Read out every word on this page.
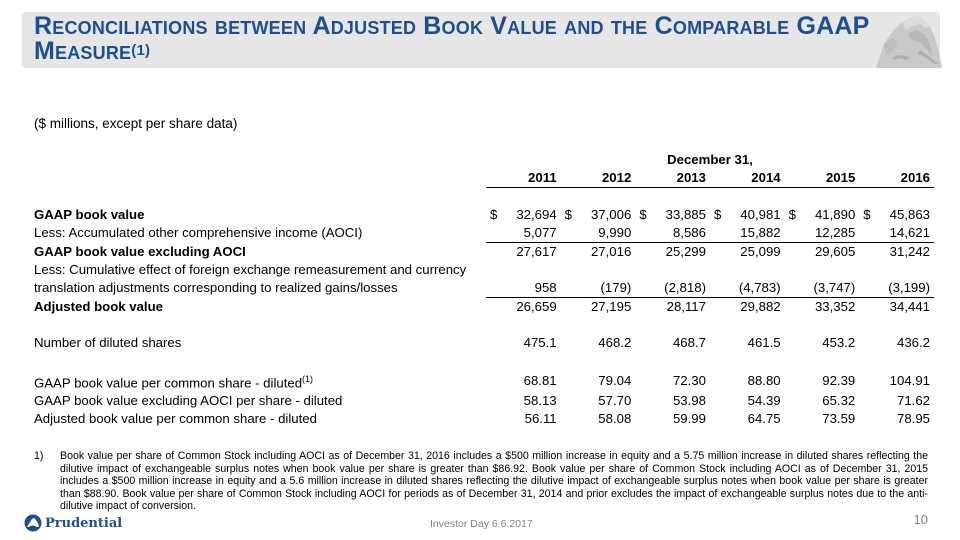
Reconciliations between Adjusted Book Value and the Comparable GAAP Measure$^{(1)}$
($ millions, except per share data)
	December 31,					
	2011	2012	2013	2014	2015	2016

GAAP book value	$ 32,694	$ 37,006	$ 33,885	$ 40,981	$ 41,890	$ 45,863
Less: Accumulated other comprehensive income (AOCI)	5,077	9,990	8,586	15,882	12,285	14,621
GAAP book value excluding AOCI	27,617	27,016	25,299	25,099	29,605	31,242
Less: Cumulative effect of foreign exchange remeasurement and currency						
translation adjustments corresponding to realized gains/losses	958	(179)	(2,818)	(4,783)	(3,747)	(3,199)
Adjusted book value	26,659	27,195	28,117	29,882	33,352	34,441

Number of diluted shares	475.1	468.2	468.7	461.5	453.2	436.2

GAAP book value per common share - diluted$^{(1)}$	68.81	79.04	72.30	88.80	92.39	104.91
GAAP book value excluding AOCI per share - diluted	58.13	57.70	53.98	54.39	65.32	71.62
Adjusted book value per common share - diluted	56.11	58.08	59.99	64.75	73.59	78.95
1) Book value per share of Common Stock including AOCI as of December 31, 2016 includes a $500 million increase in equity and a 5.75 million increase in diluted shares reflecting the dilutive impact of exchangeable surplus notes when book value per share is greater than $86.92. Book value per share of Common Stock including AOCI as of December 31, 2015 includes a $500 million increase in equity and a 5.6 million increase in diluted shares reflecting the dilutive impact of exchangeable surplus notes when book value per share is greater than $88.90. Book value per share of Common Stock including AOCI for periods as of December 31, 2014 and prior excludes the impact of exchangeable surplus notes due to the anti-dilutive impact of conversion.
Prudential	Investor Day 6.6.2017	10
